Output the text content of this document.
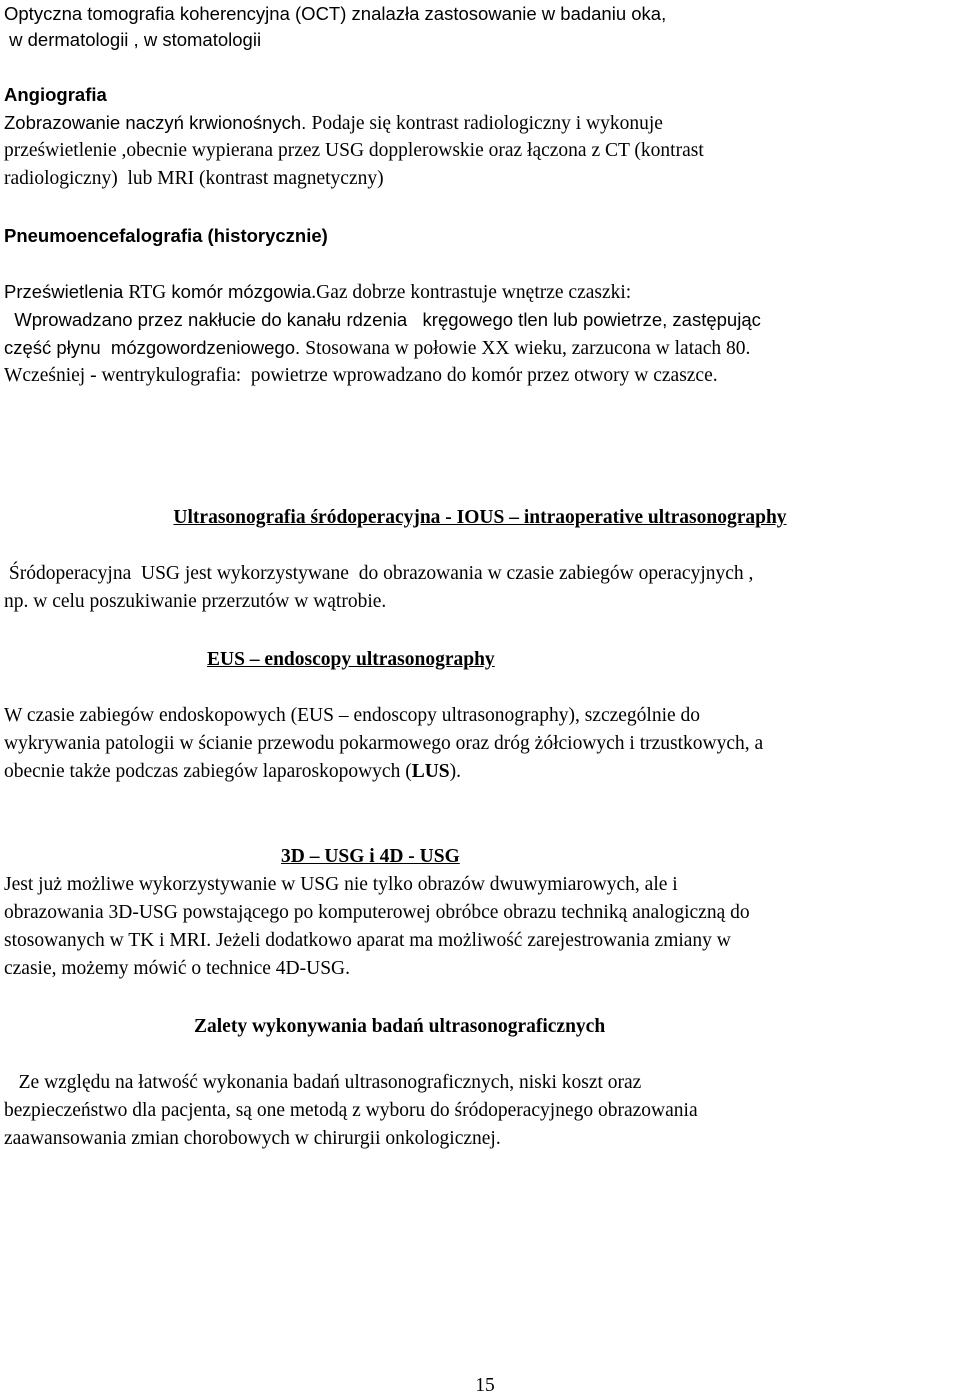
Optyczna tomografia koherencyjna (OCT) znalazła zastosowanie w badaniu oka,
w dermatologii , w stomatologii
Angiografia
Zobrazowanie naczyń krwionośnych. Podaje się kontrast radiologiczny i wykonuje
prześwietlenie ,obecnie wypierana przez USG dopplerowskie oraz łączona z CT (kontrast
radiologiczny)  lub MRI (kontrast magnetyczny)
Pneumoencefalografia (historycznie)
Prześwietlenia RTG komór mózgowia.Gaz dobrze kontrastuje wnętrze czaszki:
Wprowadzano przez nakłucie do kanału rdzenia   kręgowego tlen lub powietrze, zastępując
część płynu  mózgowordzeniowego. Stosowana w połowie XX wieku, zarzucona w latach 80.
Wcześniej - wentrykulografia:  powietrze wprowadzano do komór przez otwory w czaszce.
Ultrasonografia śródoperacyjna - IOUS – intraoperative ultrasonography
Śródoperacyjna  USG jest wykorzystywane  do obrazowania w czasie zabiegów operacyjnych ,
np. w celu poszukiwanie przerzutów w wątrobie.
EUS – endoscopy ultrasonography
W czasie zabiegów endoskopowych (EUS – endoscopy ultrasonography), szczególnie do
wykrywania patologii w ścianie przewodu pokarmowego oraz dróg żółciowych i trzustkowych, a
obecnie także podczas zabiegów laparoskopowych (LUS).
3D – USG i 4D - USG
Jest już możliwe wykorzystywanie w USG nie tylko obrazów dwuwymiarowych, ale i
obrazowania 3D-USG powstającego po komputerowej obróbce obrazu techniką analogiczną do
stosowanych w TK i MRI. Jeżeli dodatkowo aparat ma możliwość zarejestrowania zmiany w
czasie, możemy mówić o technice 4D-USG.
Zalety wykonywania badań ultrasonograficznych
Ze względu na łatwość wykonania badań ultrasonograficznych, niski koszt oraz
bezpieczeństwo dla pacjenta, są one metodą z wyboru do śródoperacyjnego obrazowania
zaawansowania zmian chorobowych w chirurgii onkologicznej.
15
